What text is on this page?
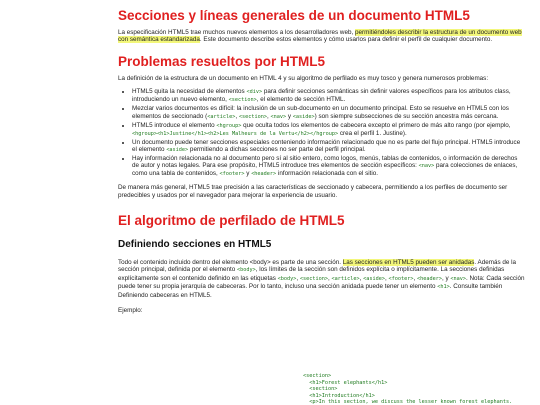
Secciones y líneas generales de un documento HTML5

La especificación HTML5 trae muchos nuevos elementos a los desarrolladores web, permitiéndoles describir la estructura de un documento web con semántica estandarizada. Este documento describe estos elementos y cómo usarlos para definir el perfil de cualquier documento.

Problemas resueltos por HTML5

La definición de la estructura de un documento en HTML 4 y su algoritmo de perfilado es muy tosco y genera numerosos problemas:

• HTML5 quita la necesidad de elementos <div> para definir secciones semánticas sin definir valores específicos para los atributos class, introduciendo un nuevo elemento, <section>, el elemento de sección HTML.
• Mezclar varios documentos es difícil: la inclusión de un sub-documento en un documento principal. Esto se resuelve en HTML5 con los elementos de seccionado (<article>, <section>, <nav> y <aside>) son siempre subsecciones de su sección ancestra más cercana.
• HTML5 introduce el elemento <hgroup> que oculta todos los elementos de cabecera excepto el primero de más alto rango (por ejemplo, <hgroup><h1>Justine</h1><h2>Les Malheurs de la Vertu</h2></hgroup> crea el perfil 1. Justine).
• Un documento puede tener secciones especiales conteniendo información relacionado que no es parte del flujo principal. HTML5 introduce el elemento <aside> permitiendo a dichas secciones no ser parte del perfil principal.
• Hay información relacionada no al documento pero sí al sitio entero, como logos, menús, tablas de contenidos, o información de derechos de autor y notas legales. Para ese propósito, HTML5 introduce tres elementos de sección específicos: <nav> para colecciones de enlaces, como una tabla de contenidos, <footer> y <header> información relacionada con el sitio.

De manera más general, HTML5 trae precisión a las características de seccionado y cabecera, permitiendo a los perfiles de documento ser predecibles y usados por el navegador para mejorar la experiencia de usuario.

El algoritmo de perfilado de HTML5
Definiendo secciones en HTML5

Todo el contenido incluido dentro del elemento <body> es parte de una sección. Las secciones en HTML5 pueden ser anidadas. Además de la sección principal, definida por el elemento <body>, los límites de la sección son definidos explícita o implícitamente. La secciones definidas explícitamente son el contenido definido en las etiquetas <body>, <section>, <article>, <aside>, <footer>, <header>, y <nav>. Nota: Cada sección puede tener su propia jerarquía de cabeceras. Por lo tanto, incluso una sección anidada puede tener un elemento <h1>. Consulte también Definiendo cabeceras en HTML5.

Ejemplo:

<section>
<h1>Forest elephants</h1>
<section>
<h1>Introduction</h1>
<p>In this section, we discuss the lesser known forest elephants.
